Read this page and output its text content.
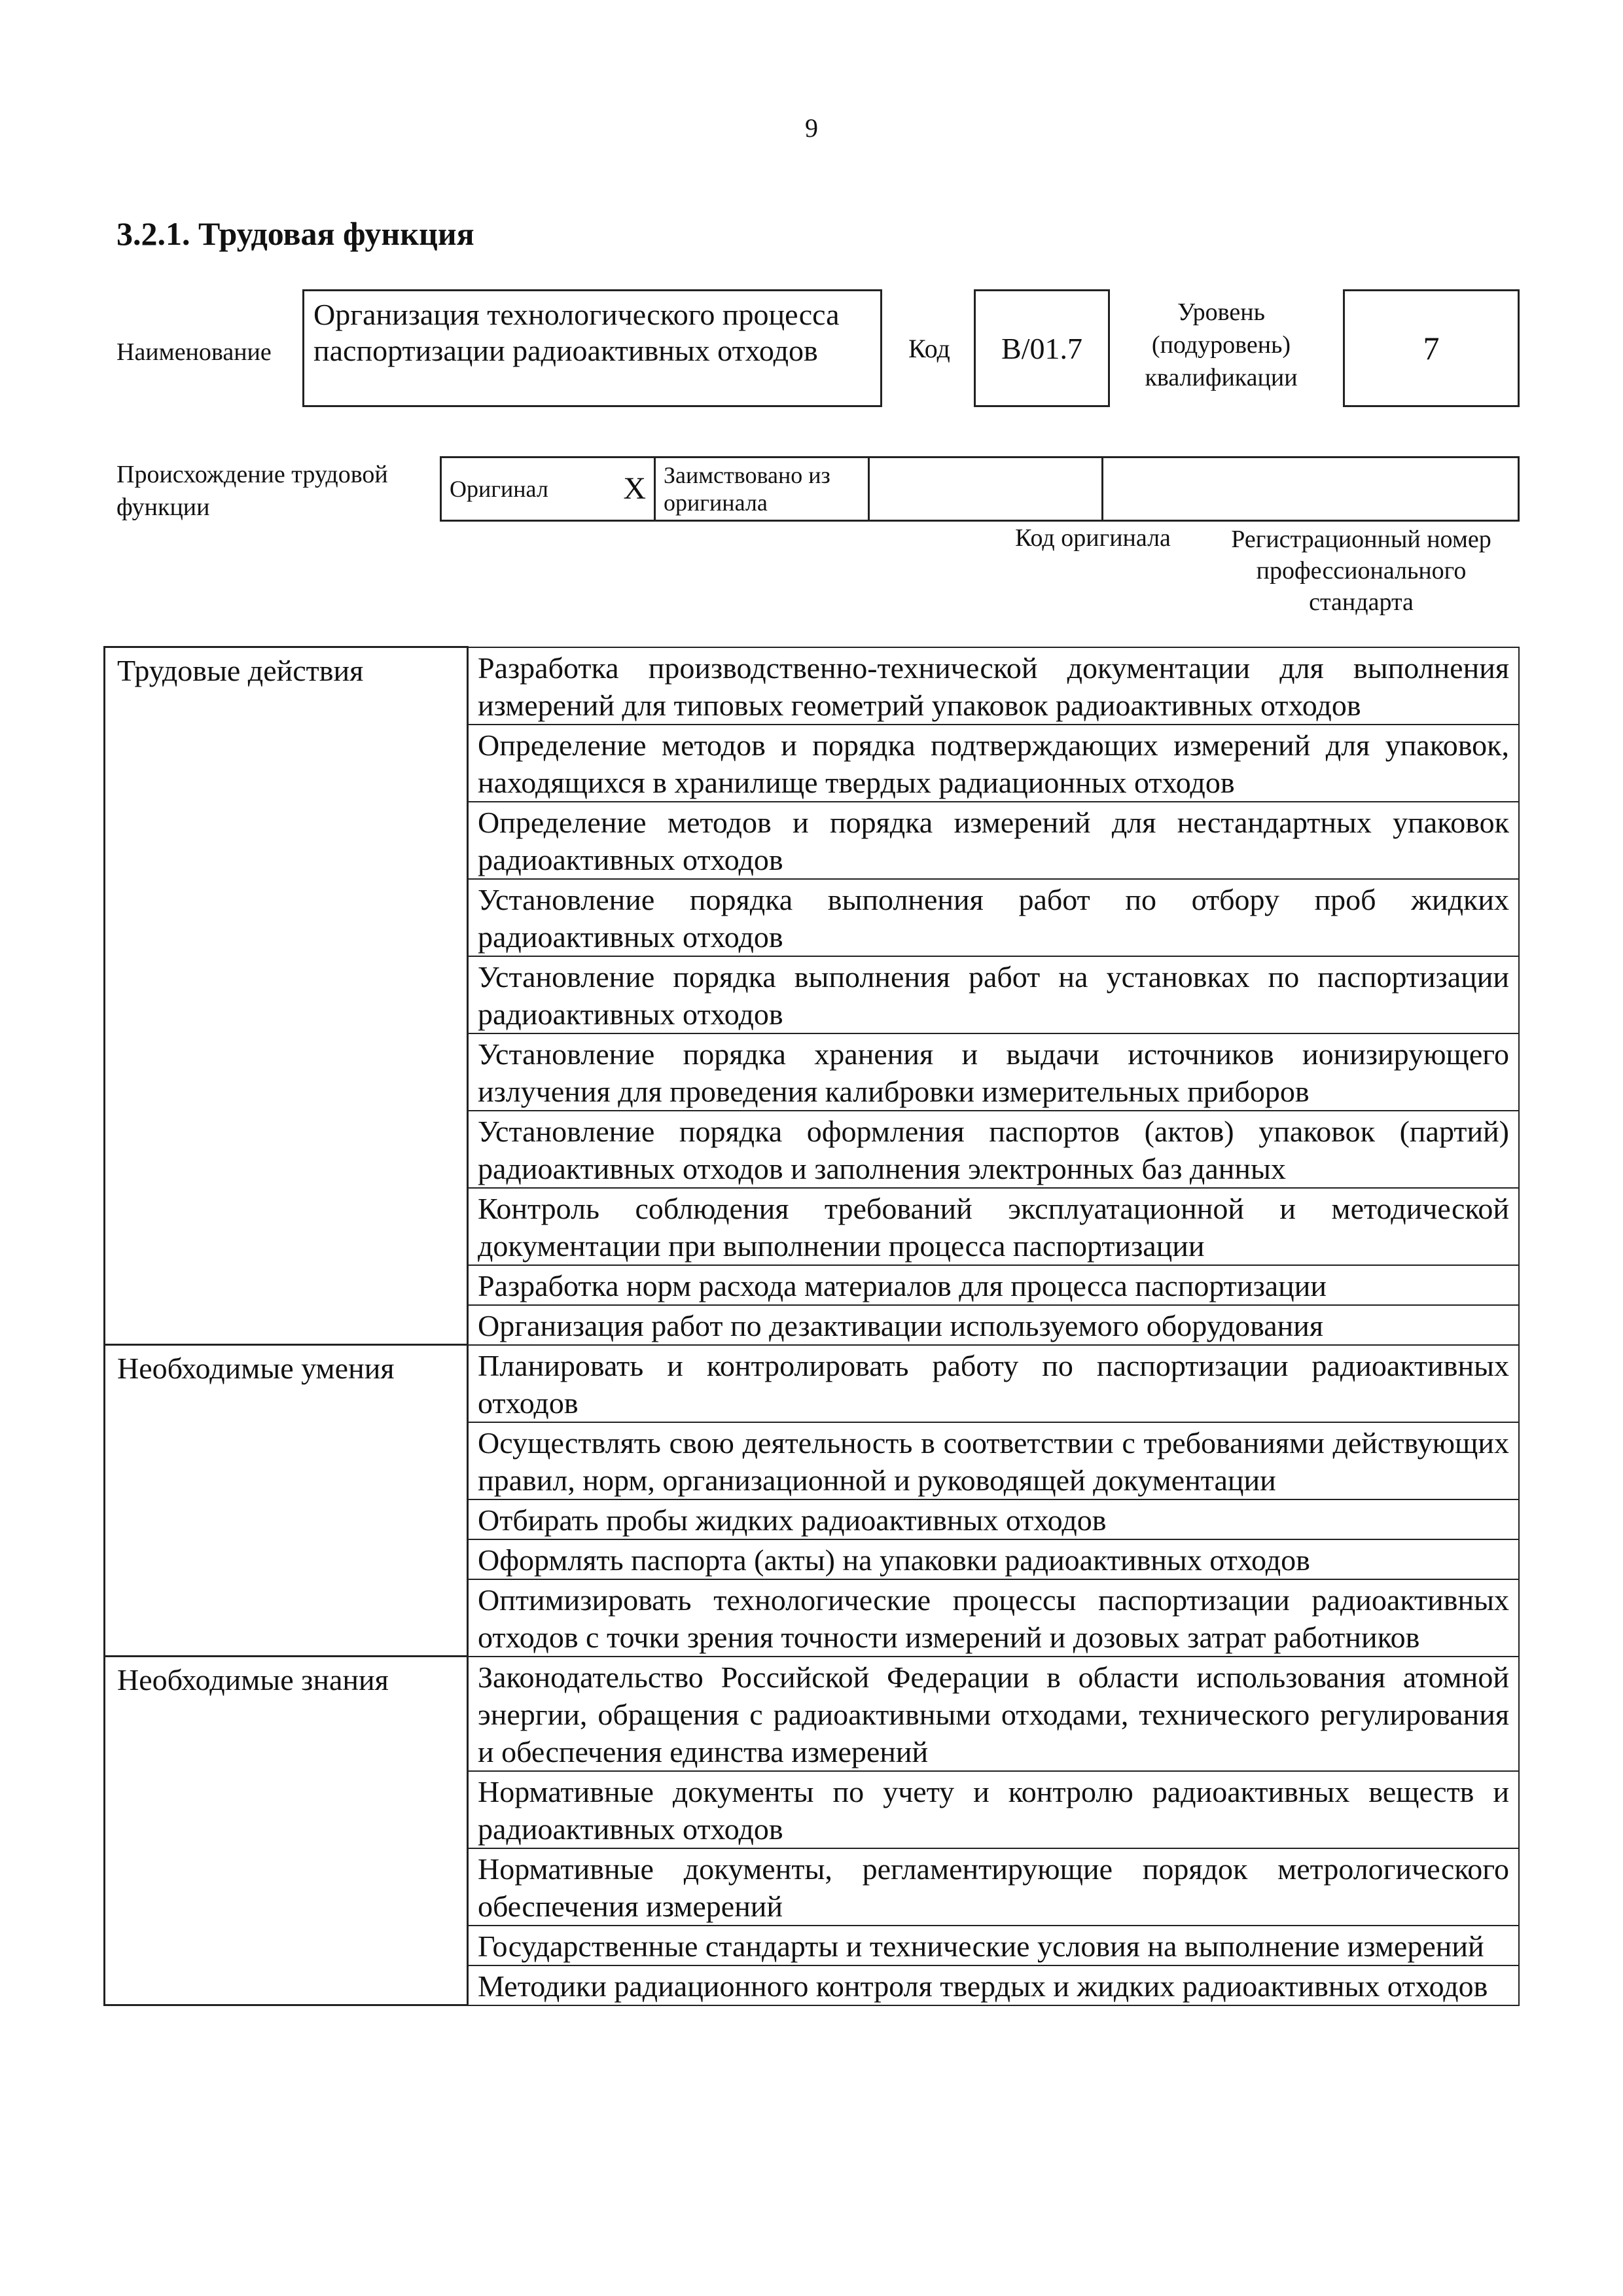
9
3.2.1. Трудовая функция
Наименование
Организация технологического процесса паспортизации радиоактивных отходов	Код	B/01.7
Уровень
(подуровень)
квалификации
7
Происхождение трудовой функции
Оригинал X	Заимствовано из оригинала		
Код оригинала	Регистрационный номер профессионального стандарта
Трудовые действия	Разработка производственно-технической документации для выполнения измерений для типовых геометрий упаковок радиоактивных отходов
	Определение методов и порядка подтверждающих измерений для упаковок, находящихся в хранилище твердых радиационных отходов
	Определение методов и порядка измерений для нестандартных упаковок радиоактивных отходов
	Установление порядка выполнения работ по отбору проб жидких радиоактивных отходов
	Установление порядка выполнения работ на установках по паспортизации радиоактивных отходов
	Установление порядка хранения и выдачи источников ионизирующего излучения для проведения калибровки измерительных приборов
	Установление порядка оформления паспортов (актов) упаковок (партий) радиоактивных отходов и заполнения электронных баз данных
	Контроль соблюдения требований эксплуатационной и методической документации при выполнении процесса паспортизации
	Разработка норм расхода материалов для процесса паспортизации
	Организация работ по дезактивации используемого оборудования
Необходимые умения	Планировать и контролировать работу по паспортизации радиоактивных отходов
	Осуществлять свою деятельность в соответствии с требованиями действующих правил, норм, организационной и руководящей документации
	Отбирать пробы жидких радиоактивных отходов
	Оформлять паспорта (акты) на упаковки радиоактивных отходов
	Оптимизировать технологические процессы паспортизации радиоактивных отходов с точки зрения точности измерений и дозовых затрат работников
Необходимые знания	Законодательство Российской Федерации в области использования атомной энергии, обращения с радиоактивными отходами, технического регулирования и обеспечения единства измерений
	Нормативные документы по учету и контролю радиоактивных веществ и радиоактивных отходов
	Нормативные документы, регламентирующие порядок метрологического обеспечения измерений
	Государственные стандарты и технические условия на выполнение измерений
	Методики радиационного контроля твердых и жидких радиоактивных отходов
